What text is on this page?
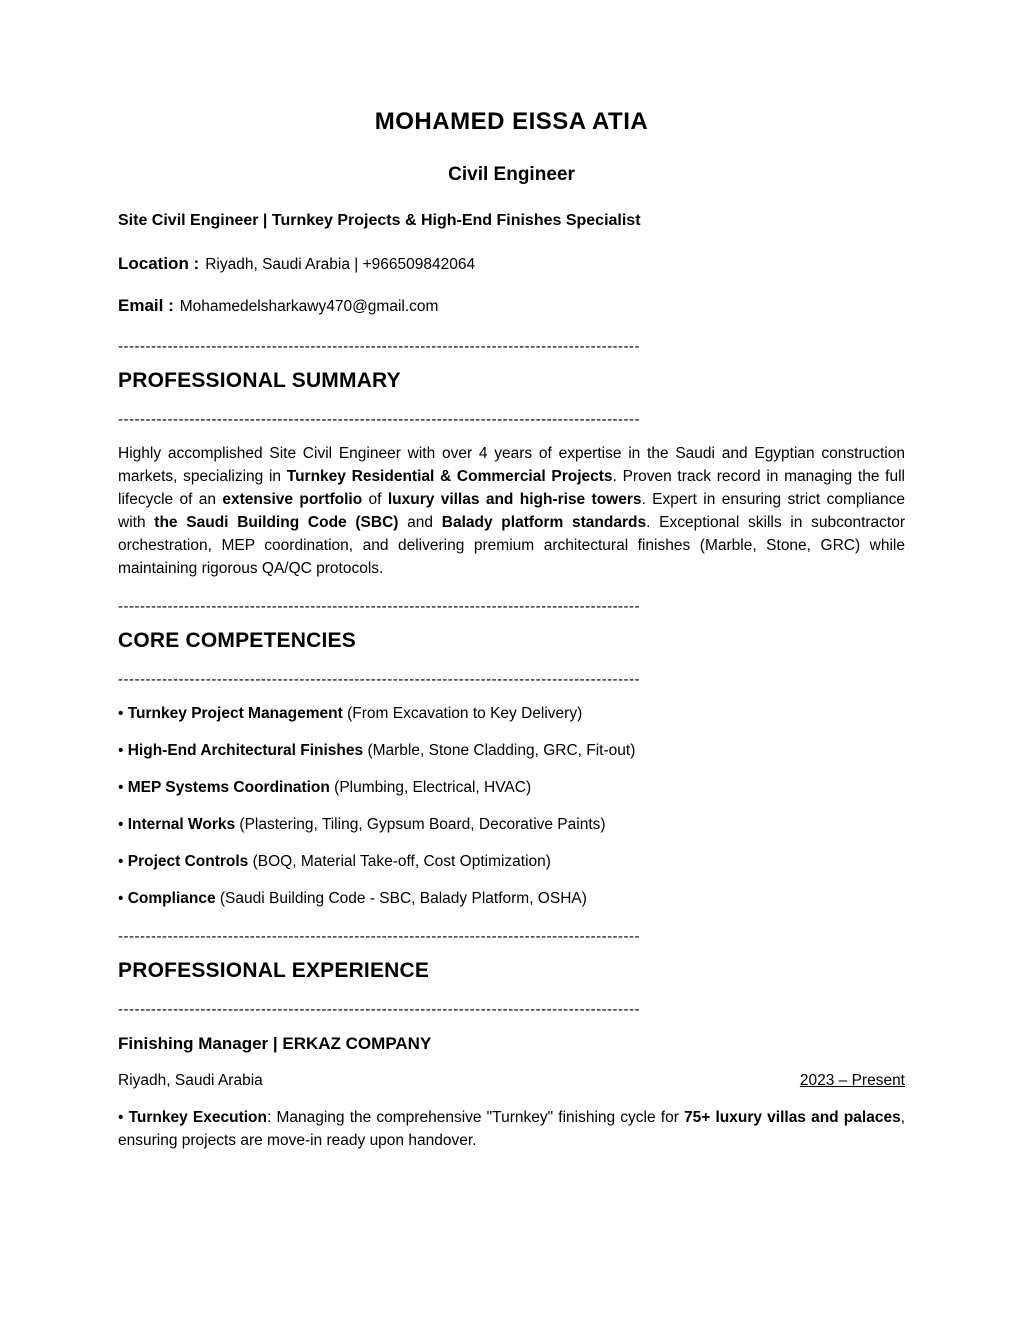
MOHAMED EISSA ATIA
Civil Engineer
Site Civil Engineer | Turnkey Projects & High-End Finishes Specialist
Location : Riyadh, Saudi Arabia | +966509842064
Email : Mohamedelsharkawy470@gmail.com
-----------------------------------------------------------------------------------------------
PROFESSIONAL SUMMARY
-----------------------------------------------------------------------------------------------

Highly accomplished Site Civil Engineer with over 4 years of expertise in the Saudi and Egyptian construction markets, specializing in Turnkey Residential & Commercial Projects. Proven track record in managing the full lifecycle of an extensive portfolio of luxury villas and high-rise towers. Expert in ensuring strict compliance with the Saudi Building Code (SBC) and Balady platform standards. Exceptional skills in subcontractor orchestration, MEP coordination, and delivering premium architectural finishes (Marble, Stone, GRC) while maintaining rigorous QA/QC protocols.

-----------------------------------------------------------------------------------------------
CORE COMPETENCIES
-----------------------------------------------------------------------------------------------

• Turnkey Project Management (From Excavation to Key Delivery)

• High-End Architectural Finishes (Marble, Stone Cladding, GRC, Fit-out)

• MEP Systems Coordination (Plumbing, Electrical, HVAC)

• Internal Works (Plastering, Tiling, Gypsum Board, Decorative Paints)

• Project Controls (BOQ, Material Take-off, Cost Optimization)

• Compliance (Saudi Building Code - SBC, Balady Platform, OSHA)

-----------------------------------------------------------------------------------------------
PROFESSIONAL EXPERIENCE
-----------------------------------------------------------------------------------------------
Finishing Manager | ERKAZ COMPANY
Riyadh, Saudi Arabia	2023 – Present

• Turnkey Execution: Managing the comprehensive "Turnkey" finishing cycle for 75+ luxury villas and palaces, ensuring projects are move-in ready upon handover.
